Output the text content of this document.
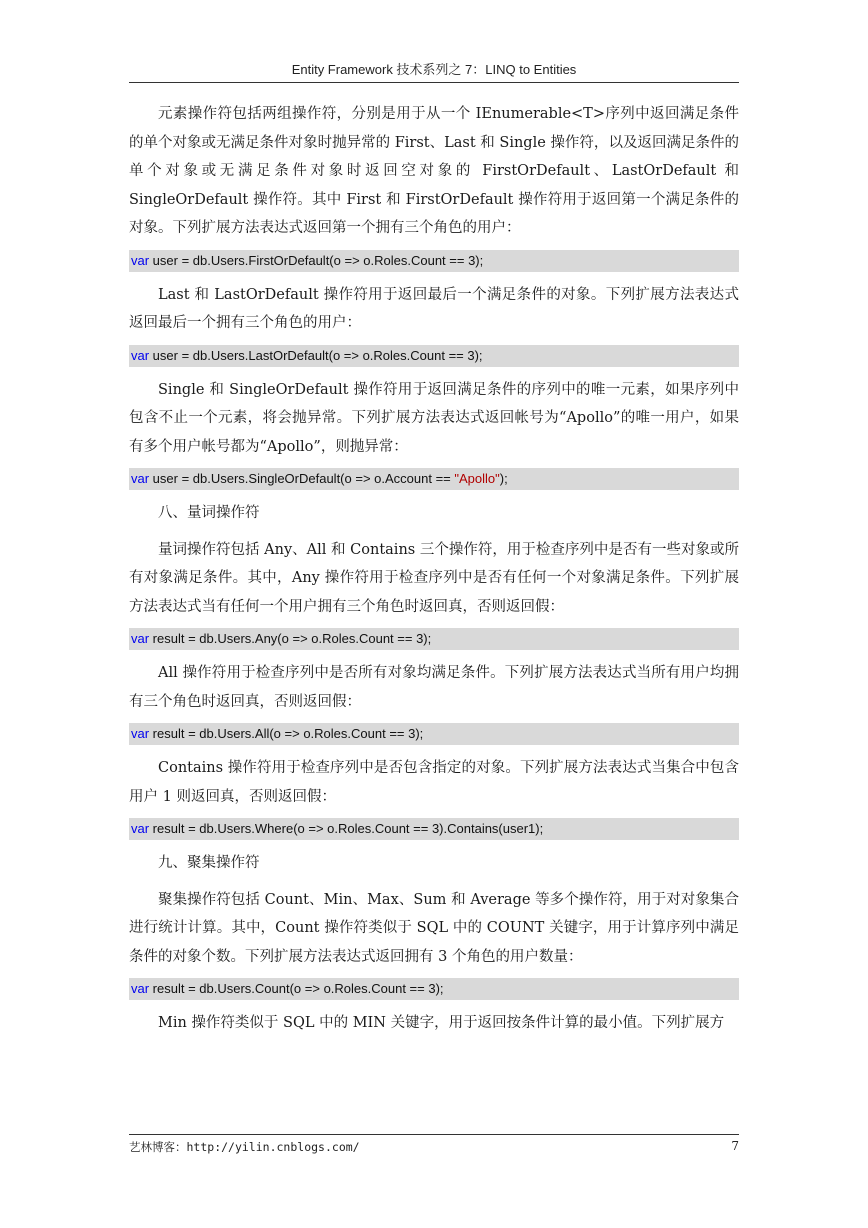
Entity Framework 技术系列之 7：LINQ to Entities

元素操作符包括两组操作符，分别是用于从一个 IEnumerable<T>序列中返回满足条件的单个对象或无满足条件对象时抛异常的 First、Last 和 Single 操作符，以及返回满足条件的单个对象或无满足条件对象时返回空对象的 FirstOrDefault、LastOrDefault 和 SingleOrDefault 操作符。其中 First 和 FirstOrDefault 操作符用于返回第一个满足条件的对象。下列扩展方法表达式返回第一个拥有三个角色的用户：

var user = db.Users.FirstOrDefault(o => o.Roles.Count == 3);

Last 和 LastOrDefault 操作符用于返回最后一个满足条件的对象。下列扩展方法表达式返回最后一个拥有三个角色的用户：

var user = db.Users.LastOrDefault(o => o.Roles.Count == 3);

Single 和 SingleOrDefault 操作符用于返回满足条件的序列中的唯一元素，如果序列中包含不止一个元素，将会抛异常。下列扩展方法表达式返回帐号为“Apollo”的唯一用户，如果有多个用户帐号都为“Apollo”，则抛异常：

var user = db.Users.SingleOrDefault(o => o.Account == "Apollo");

八、量词操作符

量词操作符包括 Any、All 和 Contains 三个操作符，用于检查序列中是否有一些对象或所有对象满足条件。其中，Any 操作符用于检查序列中是否有任何一个对象满足条件。下列扩展方法表达式当有任何一个用户拥有三个角色时返回真，否则返回假：

var result = db.Users.Any(o => o.Roles.Count == 3);

All 操作符用于检查序列中是否所有对象均满足条件。下列扩展方法表达式当所有用户均拥有三个角色时返回真，否则返回假：

var result = db.Users.All(o => o.Roles.Count == 3);

Contains 操作符用于检查序列中是否包含指定的对象。下列扩展方法表达式当集合中包含用户 1 则返回真，否则返回假：

var result = db.Users.Where(o => o.Roles.Count == 3).Contains(user1);

九、聚集操作符

聚集操作符包括 Count、Min、Max、Sum 和 Average 等多个操作符，用于对对象集合进行统计计算。其中，Count 操作符类似于 SQL 中的 COUNT 关键字，用于计算序列中满足条件的对象个数。下列扩展方法表达式返回拥有 3 个角色的用户数量：

var result = db.Users.Count(o => o.Roles.Count == 3);

Min 操作符类似于 SQL 中的 MIN 关键字，用于返回按条件计算的最小值。下列扩展方

艺林博客：http://yilin.cnblogs.com/	7
